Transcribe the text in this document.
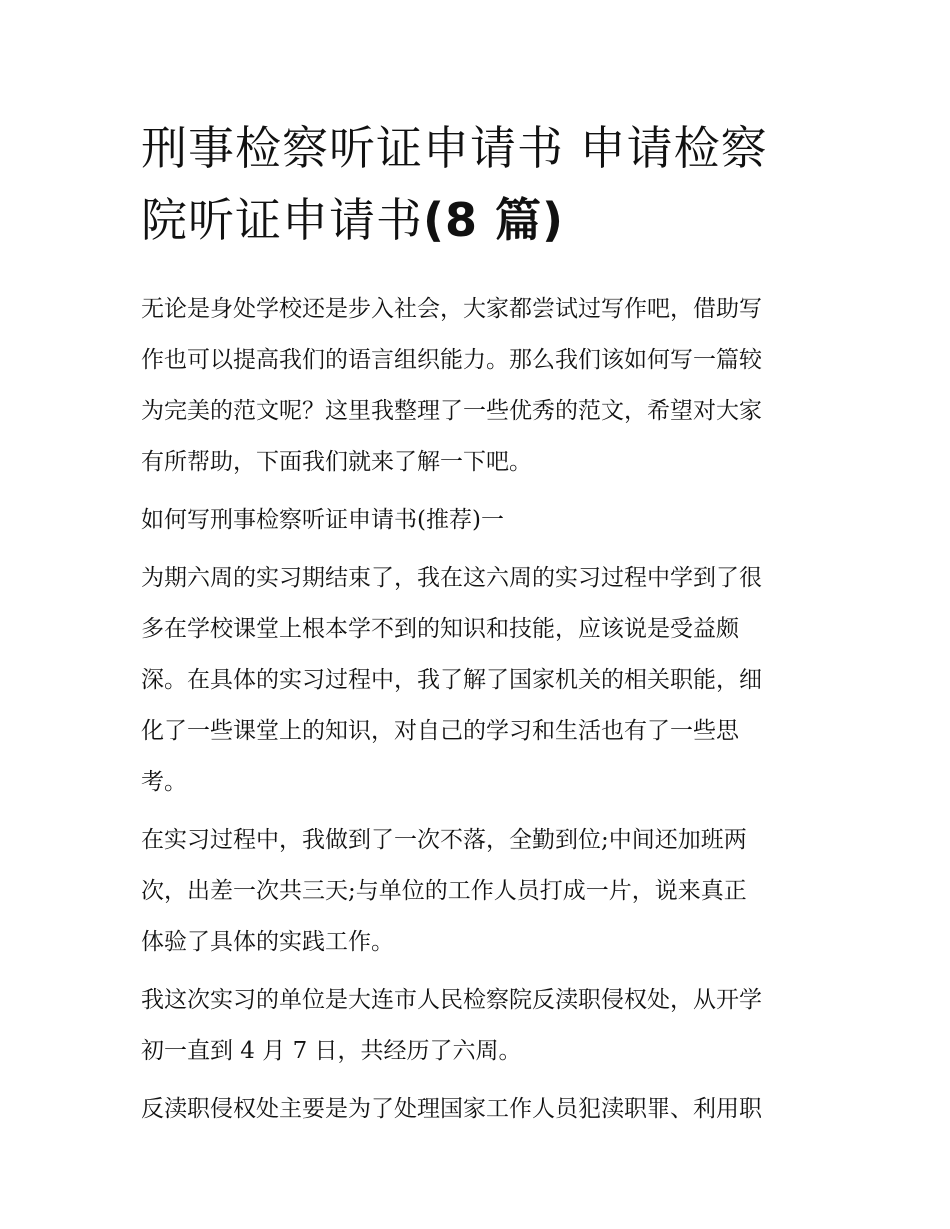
刑事检察听证申请书 申请检察
院听证申请书(8 篇)

无论是身处学校还是步入社会，大家都尝试过写作吧，借助写
作也可以提高我们的语言组织能力。那么我们该如何写一篇较
为完美的范文呢？这里我整理了一些优秀的范文，希望对大家
有所帮助，下面我们就来了解一下吧。

如何写刑事检察听证申请书(推荐)一

为期六周的实习期结束了，我在这六周的实习过程中学到了很
多在学校课堂上根本学不到的知识和技能，应该说是受益颇
深。在具体的实习过程中，我了解了国家机关的相关职能，细
化了一些课堂上的知识，对自己的学习和生活也有了一些思
考。

在实习过程中，我做到了一次不落，全勤到位;中间还加班两
次，出差一次共三天;与单位的工作人员打成一片，说来真正
体验了具体的实践工作。

我这次实习的单位是大连市人民检察院反渎职侵权处，从开学
初一直到 4 月 7 日，共经历了六周。

反渎职侵权处主要是为了处理国家工作人员犯渎职罪、利用职
